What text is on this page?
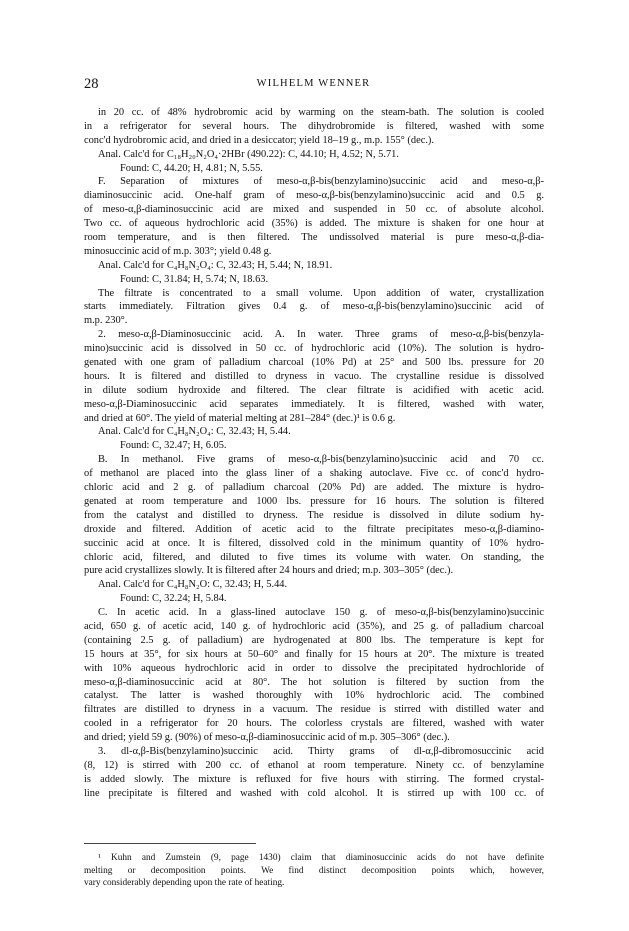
28	WILHELM WENNER
in 20 cc. of 48% hydrobromic acid by warming on the steam-bath. The solution is cooled
in a refrigerator for several hours. The dihydrobromide is filtered, washed with some
conc'd hydrobromic acid, and dried in a desiccator; yield 18–19 g., m.p. 155° (dec.).
Anal. Calc'd for C₁₈H₂₀N₂O₄·2HBr (490.22): C, 44.10; H, 4.52; N, 5.71.
Found: C, 44.20; H, 4.81; N, 5.55.
F. Separation of mixtures of meso-α,β-bis(benzylamino)succinic acid and meso-α,β-
diaminosuccinic acid. One-half gram of meso-α,β-bis(benzylamino)succinic acid and 0.5 g.
of meso-α,β-diaminosuccinic acid are mixed and suspended in 50 cc. of absolute alcohol.
Two cc. of aqueous hydrochloric acid (35%) is added. The mixture is shaken for one hour at
room temperature, and is then filtered. The undissolved material is pure meso-α,β-dia-
minosuccinic acid of m.p. 303°; yield 0.48 g.
Anal. Calc'd for C₄H₈N₂O₄: C, 32.43; H, 5.44; N, 18.91.
Found: C, 31.84; H, 5.74; N, 18.63.
The filtrate is concentrated to a small volume. Upon addition of water, crystallization
starts immediately. Filtration gives 0.4 g. of meso-α,β-bis(benzylamino)succinic acid of
m.p. 230°.
2. meso-α,β-Diaminosuccinic acid. A. In water. Three grams of meso-α,β-bis(benzyla-
mino)succinic acid is dissolved in 50 cc. of hydrochloric acid (10%). The solution is hydro-
genated with one gram of palladium charcoal (10% Pd) at 25° and 500 lbs. pressure for 20
hours. It is filtered and distilled to dryness in vacuo. The crystalline residue is dissolved
in dilute sodium hydroxide and filtered. The clear filtrate is acidified with acetic acid.
meso-α,β-Diaminosuccinic acid separates immediately. It is filtered, washed with water,
and dried at 60°. The yield of material melting at 281–284° (dec.)¹ is 0.6 g.
Anal. Calc'd for C₄H₈N₂O₄: C, 32.43; H, 5.44.
Found: C, 32.47; H, 6.05.
B. In methanol. Five grams of meso-α,β-bis(benzylamino)succinic acid and 70 cc.
of methanol are placed into the glass liner of a shaking autoclave. Five cc. of conc'd hydro-
chloric acid and 2 g. of palladium charcoal (20% Pd) are added. The mixture is hydro-
genated at room temperature and 1000 lbs. pressure for 16 hours. The solution is filtered
from the catalyst and distilled to dryness. The residue is dissolved in dilute sodium hy-
droxide and filtered. Addition of acetic acid to the filtrate precipitates meso-α,β-diamino-
succinic acid at once. It is filtered, dissolved cold in the minimum quantity of 10% hydro-
chloric acid, filtered, and diluted to five times its volume with water. On standing, the
pure acid crystallizes slowly. It is filtered after 24 hours and dried; m.p. 303–305° (dec.).
Anal. Calc'd for C₄H₈N₂O: C, 32.43; H, 5.44.
Found: C, 32.24; H, 5.84.
C. In acetic acid. In a glass-lined autoclave 150 g. of meso-α,β-bis(benzylamino)succinic
acid, 650 g. of acetic acid, 140 g. of hydrochloric acid (35%), and 25 g. of palladium charcoal
(containing 2.5 g. of palladium) are hydrogenated at 800 lbs. The temperature is kept for
15 hours at 35°, for six hours at 50–60° and finally for 15 hours at 20°. The mixture is treated
with 10% aqueous hydrochloric acid in order to dissolve the precipitated hydrochloride of
meso-α,β-diaminosuccinic acid at 80°. The hot solution is filtered by suction from the
catalyst. The latter is washed thoroughly with 10% hydrochloric acid. The combined
filtrates are distilled to dryness in a vacuum. The residue is stirred with distilled water and
cooled in a refrigerator for 20 hours. The colorless crystals are filtered, washed with water
and dried; yield 59 g. (90%) of meso-α,β-diaminosuccinic acid of m.p. 305–306° (dec.).
3. dl-α,β-Bis(benzylamino)succinic acid. Thirty grams of dl-α,β-dibromosuccinic acid
(8, 12) is stirred with 200 cc. of ethanol at room temperature. Ninety cc. of benzylamine
is added slowly. The mixture is refluxed for five hours with stirring. The formed crystal-
line precipitate is filtered and washed with cold alcohol. It is stirred up with 100 cc. of
¹ Kuhn and Zumstein (9, page 1430) claim that diaminosuccinic acids do not have definite
melting or decomposition points. We find distinct decomposition points which, however,
vary considerably depending upon the rate of heating.
